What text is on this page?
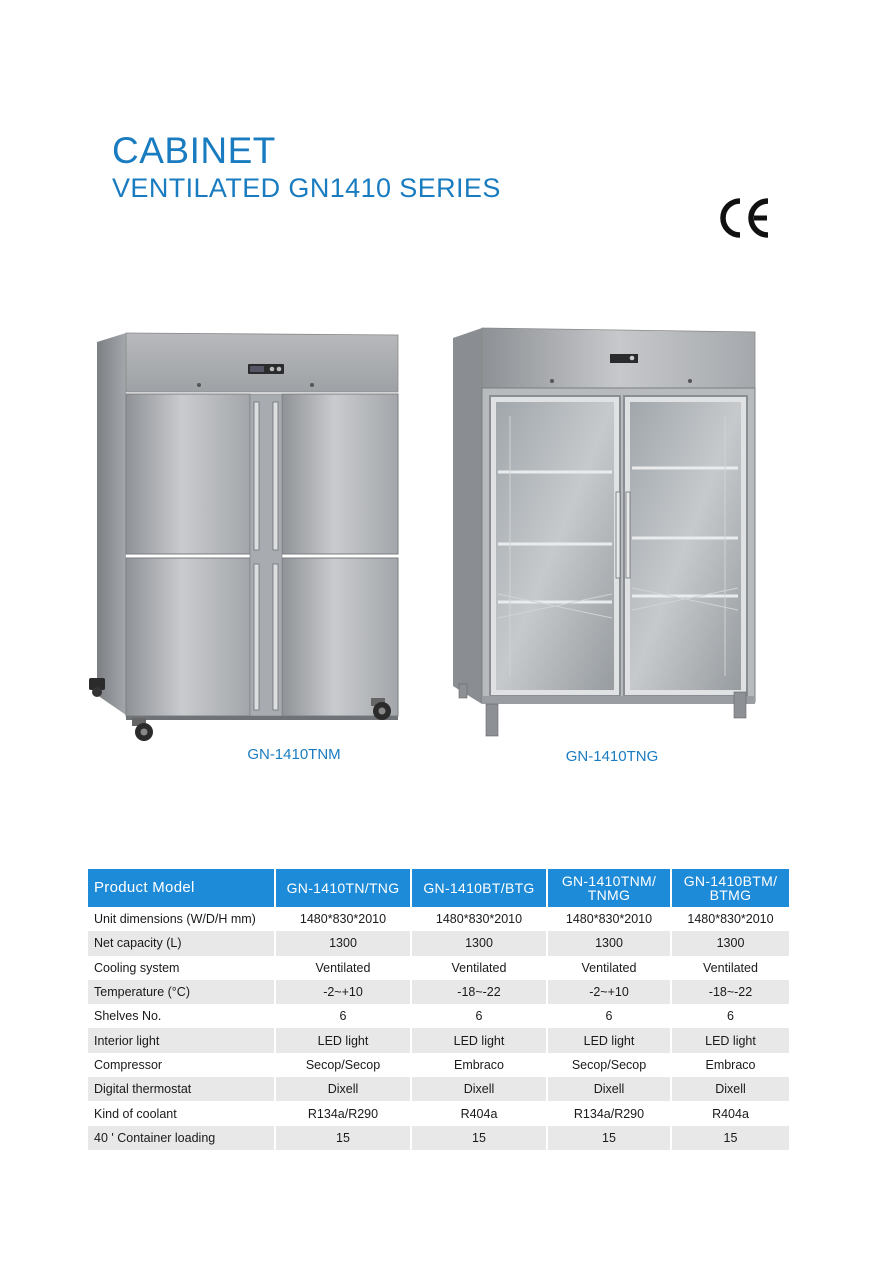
CABINET
VENTILATED GN1410 SERIES
GN-1410TNM	GN-1410TNG
Product Model	GN-1410TN/TNG	GN-1410BT/BTG	GN-1410TNM/ TNMG	GN-1410BTM/ BTMG
Unit dimensions (W/D/H mm)	1480*830*2010	1480*830*2010	1480*830*2010	1480*830*2010
Net capacity (L)	1300	1300	1300	1300
Cooling system	Ventilated	Ventilated	Ventilated	Ventilated
Temperature (°C)	-2~+10	-18~-22	-2~+10	-18~-22
Shelves No.	6	6	6	6
Interior light	LED light	LED light	LED light	LED light
Compressor	Secop/Secop	Embraco	Secop/Secop	Embraco
Digital thermostat	Dixell	Dixell	Dixell	Dixell
Kind of coolant	R134a/R290	R404a	R134a/R290	R404a
40 ' Container loading	15	15	15	15
